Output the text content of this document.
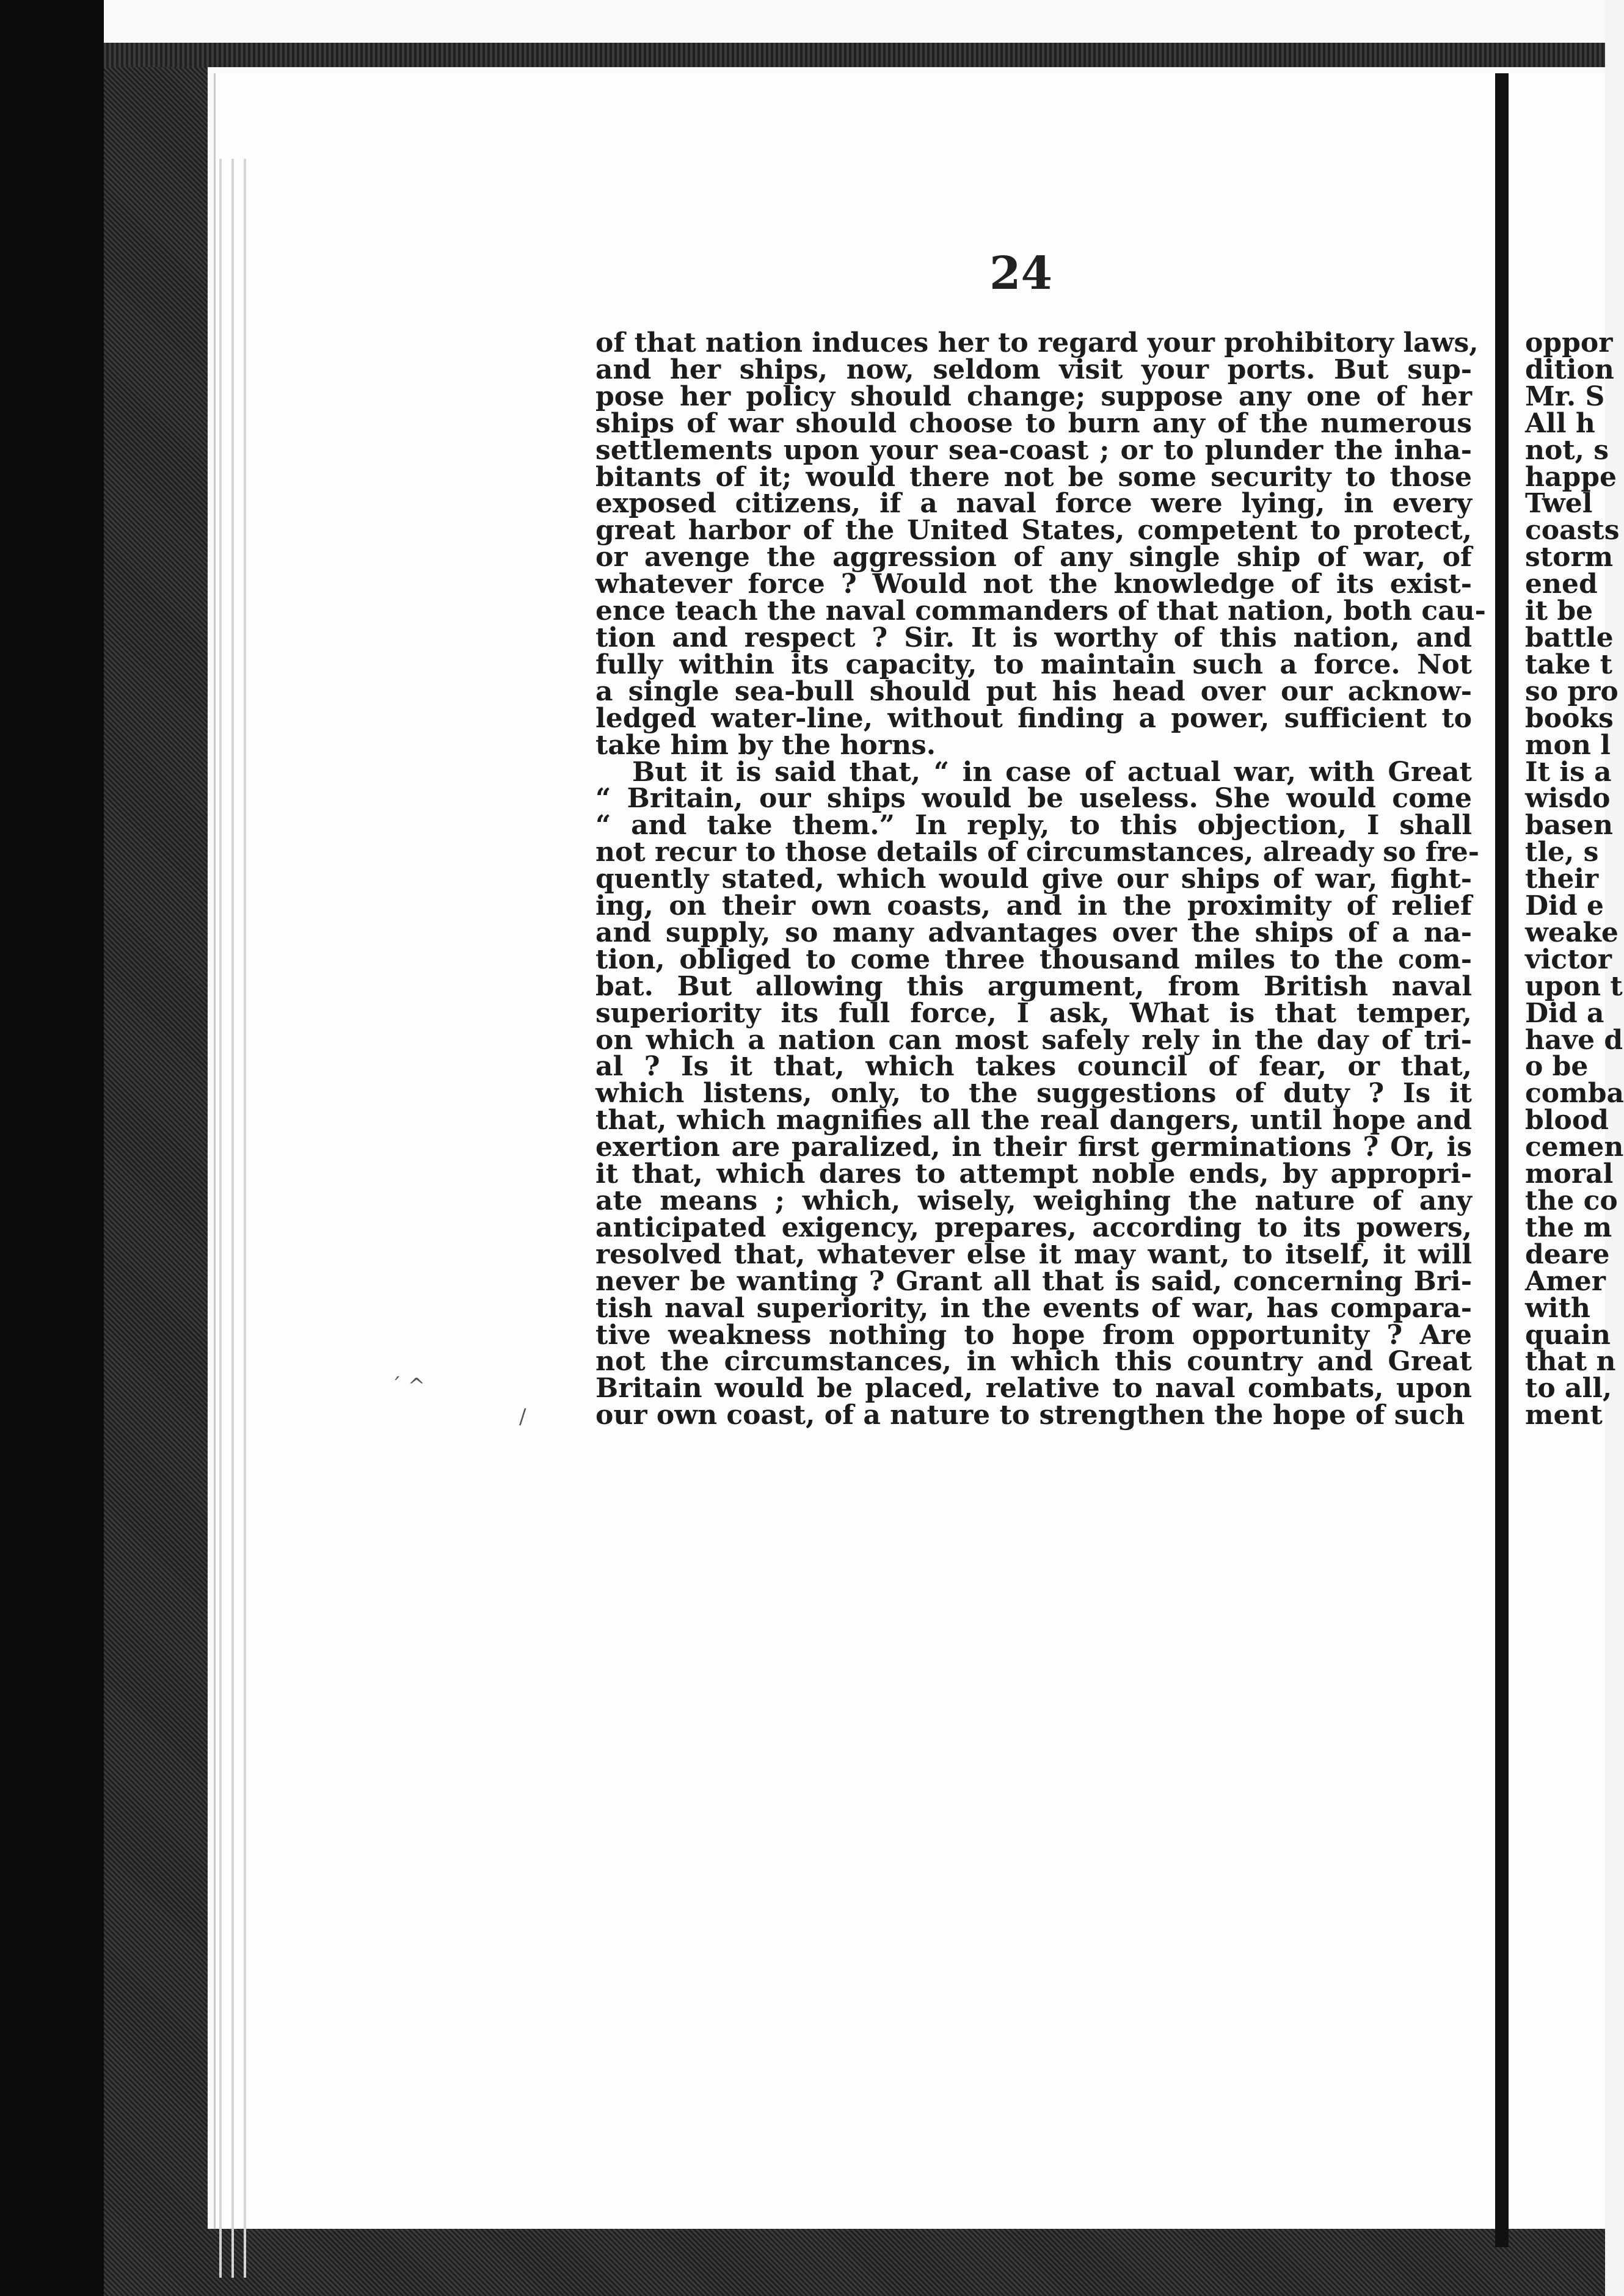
24
of that nation induces her to regard your prohibitory laws,
and her ships, now, seldom visit your ports. But sup-
pose her policy should change; suppose any one of her
ships of war should choose to burn any of the numerous
settlements upon your sea-coast ; or to plunder the inha-
bitants of it; would there not be some security to those
exposed citizens, if a naval force were lying, in every
great harbor of the United States, competent to protect,
or avenge the aggression of any single ship of war, of
whatever force ? Would not the knowledge of its exist-
ence teach the naval commanders of that nation, both cau-
tion and respect ? Sir. It is worthy of this nation, and
fully within its capacity, to maintain such a force. Not
a single sea-bull should put his head over our acknow-
ledged water-line, without finding a power, sufficient to
take him by the horns.
But it is said that, “ in case of actual war, with Great
“ Britain, our ships would be useless. She would come
“ and take them.” In reply, to this objection, I shall
not recur to those details of circumstances, already so fre-
quently stated, which would give our ships of war, fight-
ing, on their own coasts, and in the proximity of relief
and supply, so many advantages over the ships of a na-
tion, obliged to come three thousand miles to the com-
bat. But allowing this argument, from British naval
superiority its full force, I ask, What is that temper,
on which a nation can most safely rely in the day of tri-
al ? Is it that, which takes council of fear, or that,
which listens, only, to the suggestions of duty ? Is it
that, which magnifies all the real dangers, until hope and
exertion are paralized, in their first germinations ? Or, is
it that, which dares to attempt noble ends, by appropri-
ate means ; which, wisely, weighing the nature of any
anticipated exigency, prepares, according to its powers,
resolved that, whatever else it may want, to itself, it will
never be wanting ? Grant all that is said, concerning Bri-
tish naval superiority, in the events of war, has compara-
tive weakness nothing to hope from opportunity ? Are
not the circumstances, in which this country and Great
Britain would be placed, relative to naval combats, upon
our own coast, of a nature to strengthen the hope of such
oppor
dition
Mr. S
All h
not, s
happe
Twel
coasts
storm
ened
it be
battle
take t
so pro
books
mon l
It is a
wisdo
basen
tle, s
their
Did e
weake
victor
upon t
Did a
have d
o be
comba
blood
cemen
moral
the co
the m
deare
Amer
with
quain
that n
to all,
ment
´ ^
∕
